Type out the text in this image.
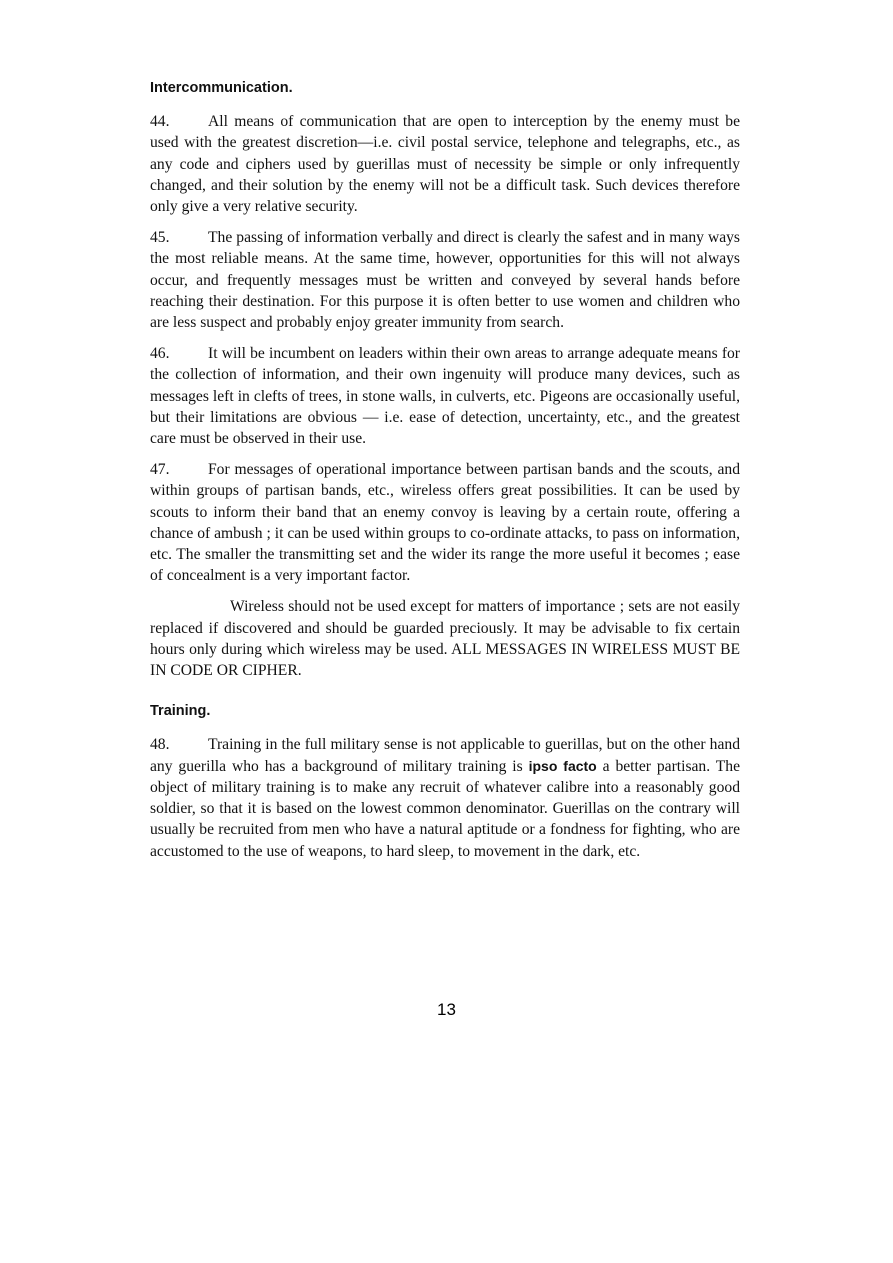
Intercommunication.

44. All means of communication that are open to interception by the enemy must be used with the greatest discretion—i.e. civil postal service, telephone and telegraphs, etc., as any code and ciphers used by guerillas must of necessity be simple or only infrequently changed, and their solution by the enemy will not be a difficult task. Such devices therefore only give a very relative security.

45. The passing of information verbally and direct is clearly the safest and in many ways the most reliable means. At the same time, however, opportunities for this will not always occur, and frequently messages must be written and conveyed by several hands before reaching their destination. For this purpose it is often better to use women and children who are less suspect and probably enjoy greater immunity from search.

46. It will be incumbent on leaders within their own areas to arrange adequate means for the collection of information, and their own ingenuity will produce many devices, such as messages left in clefts of trees, in stone walls, in culverts, etc. Pigeons are occasionally useful, but their limitations are obvious — i.e. ease of detection, uncertainty, etc., and the greatest care must be observed in their use.

47. For messages of operational importance between partisan bands and the scouts, and within groups of partisan bands, etc., wireless offers great possibilities. It can be used by scouts to inform their band that an enemy convoy is leaving by a certain route, offering a chance of ambush ; it can be used within groups to co-ordinate attacks, to pass on information, etc. The smaller the transmitting set and the wider its range the more useful it becomes ; ease of concealment is a very important factor.

Wireless should not be used except for matters of importance ; sets are not easily replaced if discovered and should be guarded preciously. It may be advisable to fix certain hours only during which wireless may be used. ALL MESSAGES IN WIRELESS MUST BE IN CODE OR CIPHER.

Training.

48. Training in the full military sense is not applicable to guerillas, but on the other hand any guerilla who has a background of military training is ipso facto a better partisan. The object of military training is to make any recruit of whatever calibre into a reasonably good soldier, so that it is based on the lowest common denominator. Guerillas on the contrary will usually be recruited from men who have a natural aptitude or a fondness for fighting, who are accustomed to the use of weapons, to hard sleep, to movement in the dark, etc.

13
